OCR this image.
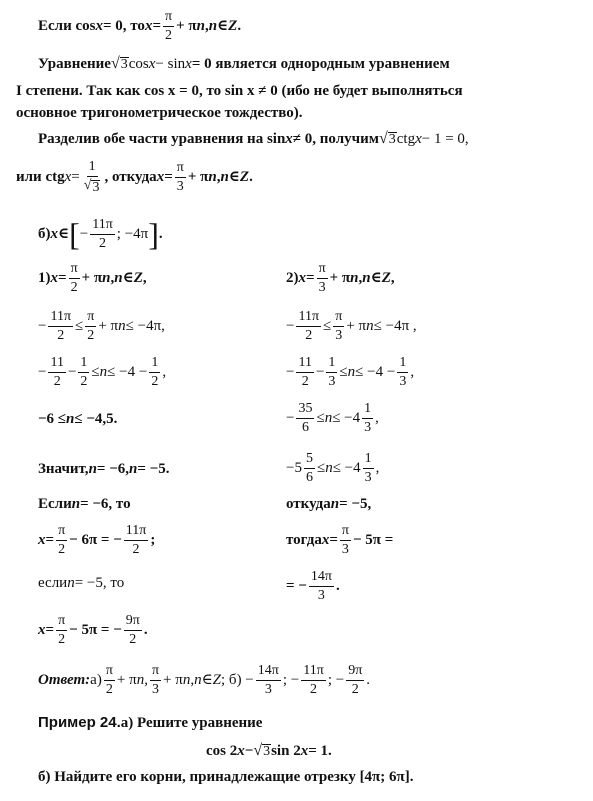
Если cos x = 0, то $x = \frac{\pi}{2} + \pi$ n , n ∈ Z .
Уравнение √ 3 cos x − sin x = 0 является однородным уравнением
I степени. Так как cos x = 0, то sin x ≠ 0 (ибо не будет выполняться
основное тригонометрическое тождество).
Разделив обе части уравнения на sin x ≠ 0, получим √ 3 ctg x − 1 = 0,
или ctg $x = \frac{1}{√ 3}$ , откуда $x = \frac{\pi}{3} + \pi$ n , n ∈ Z .
б) x ∈ [ − $\frac{11\pi}{2}$ ; −4π ] .
1) $x = \frac{\pi}{2} + \pi$ n , n ∈ Z ,
− $\frac{11\pi}{2} \le \frac{\pi}{2} + \pi$ n ≤ −4π,
− $\frac{11}{2} - \frac{1}{2} \le n \le -4 - \frac{1}{2}$ ,
−6 ≤ n ≤ −4,5.
Значит, n = −6, n = −5.
Если n = −6, то
$x = \frac{\pi}{2} - 6\pi$ = − $\frac{11\pi}{2}$ ;
если n = −5, то
$x = \frac{\pi}{2} - 5\pi$ = − $\frac{9\pi}{2}$ .
2) $x = \frac{\pi}{3} + \pi$ n , n ∈ Z ,
− $\frac{11\pi}{2} \le \frac{\pi}{3} + \pi$ n ≤ −4π ,
− $\frac{11}{2} - \frac{1}{3} \le n \le -4 - \frac{1}{3}$ ,
− $\frac{35}{6} \le n \le -4 \frac{1}{3}$ ,
$-5 \frac{5}{6} \le n \le -4 \frac{1}{3}$ ,
откуда n = −5,
тогда $x = \frac{\pi}{3} - 5\pi$ =
= − $\frac{14\pi}{3}$ .
Ответ: $а) \frac{\pi}{2} + \pi$ n , $\frac{\pi}{3} + \pi$ n , n ∈ Z ; $б) - \frac{14\pi}{3}$ ; − $\frac{11\pi}{2}$ ; − $\frac{9\pi}{2}$ .
Пример 24. а) Решите уравнение
cos 2 x − √ 3 sin 2 x = 1.
б) Найдите его корни, принадлежащие отрезку [4π; 6π].
